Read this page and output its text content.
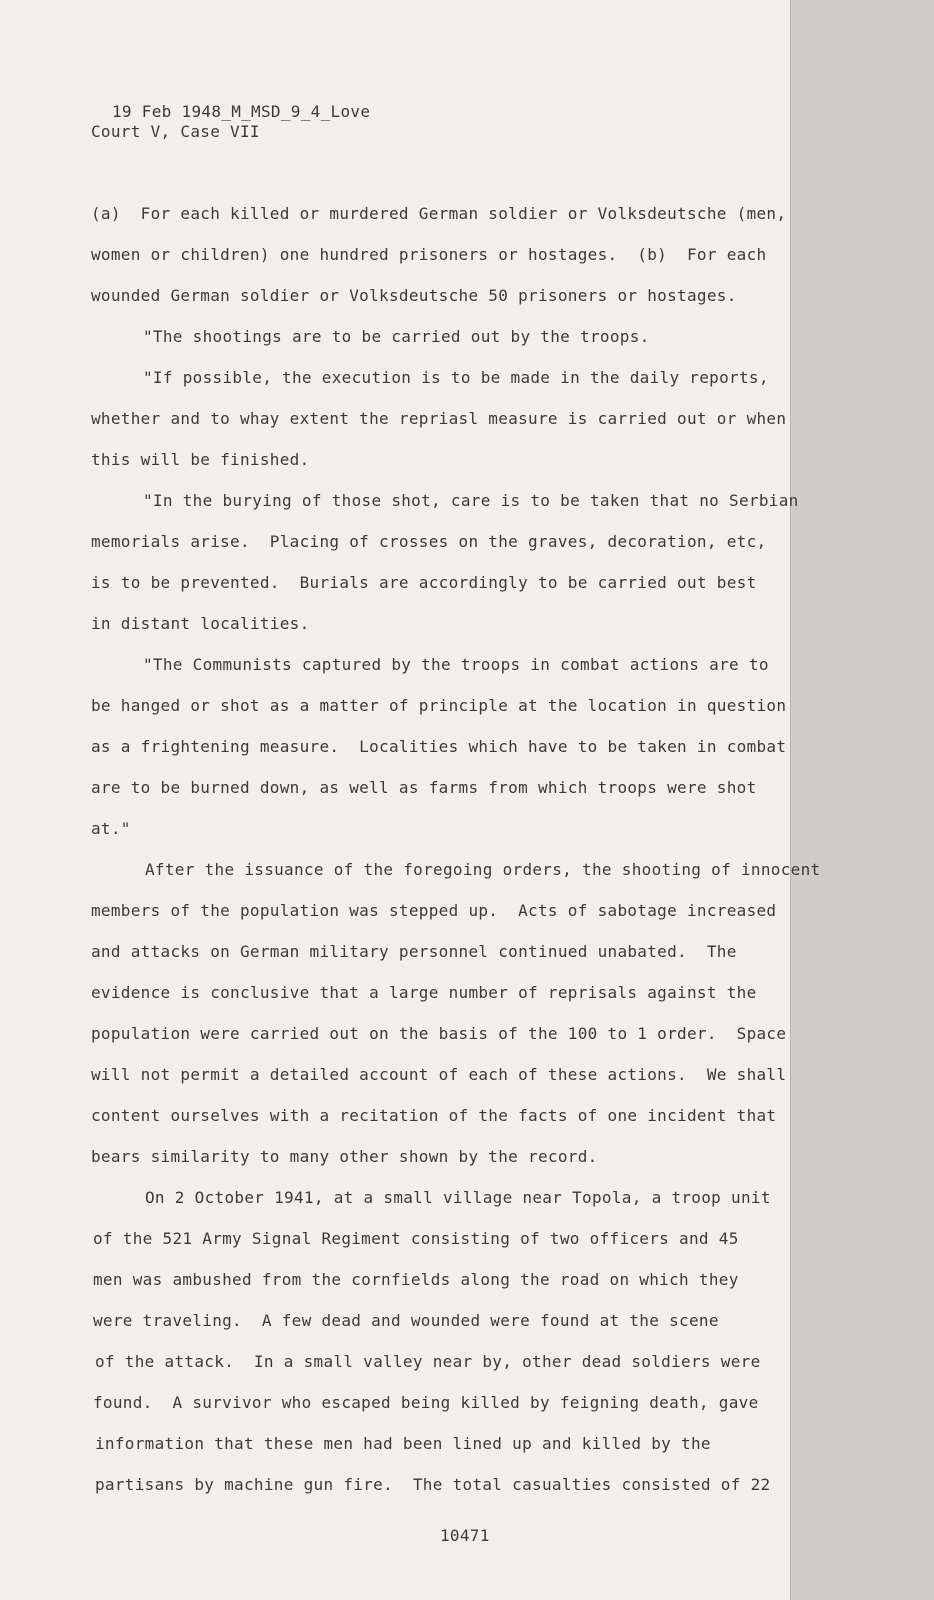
19 Feb 1948_M_MSD_9_4_Love
Court V, Case VII
(a)  For each killed or murdered German soldier or Volksdeutsche (men,
women or children) one hundred prisoners or hostages.  (b)  For each
wounded German soldier or Volksdeutsche 50 prisoners or hostages.
"The shootings are to be carried out by the troops.
"If possible, the execution is to be made in the daily reports,
whether and to whay extent the repriasl measure is carried out or when
this will be finished.
"In the burying of those shot, care is to be taken that no Serbian
memorials arise.  Placing of crosses on the graves, decoration, etc,
is to be prevented.  Burials are accordingly to be carried out best
in distant localities.
"The Communists captured by the troops in combat actions are to
be hanged or shot as a matter of principle at the location in question
as a frightening measure.  Localities which have to be taken in combat
are to be burned down, as well as farms from which troops were shot
at."
After the issuance of the foregoing orders, the shooting of innocent
members of the population was stepped up.  Acts of sabotage increased
and attacks on German military personnel continued unabated.  The
evidence is conclusive that a large number of reprisals against the
population were carried out on the basis of the 100 to 1 order.  Space
will not permit a detailed account of each of these actions.  We shall
content ourselves with a recitation of the facts of one incident that
bears similarity to many other shown by the record.
On 2 October 1941, at a small village near Topola, a troop unit
of the 521 Army Signal Regiment consisting of two officers and 45
men was ambushed from the cornfields along the road on which they
were traveling.  A few dead and wounded were found at the scene
of the attack.  In a small valley near by, other dead soldiers were
found.  A survivor who escaped being killed by feigning death, gave
information that these men had been lined up and killed by the
partisans by machine gun fire.  The total casualties consisted of 22
10471
